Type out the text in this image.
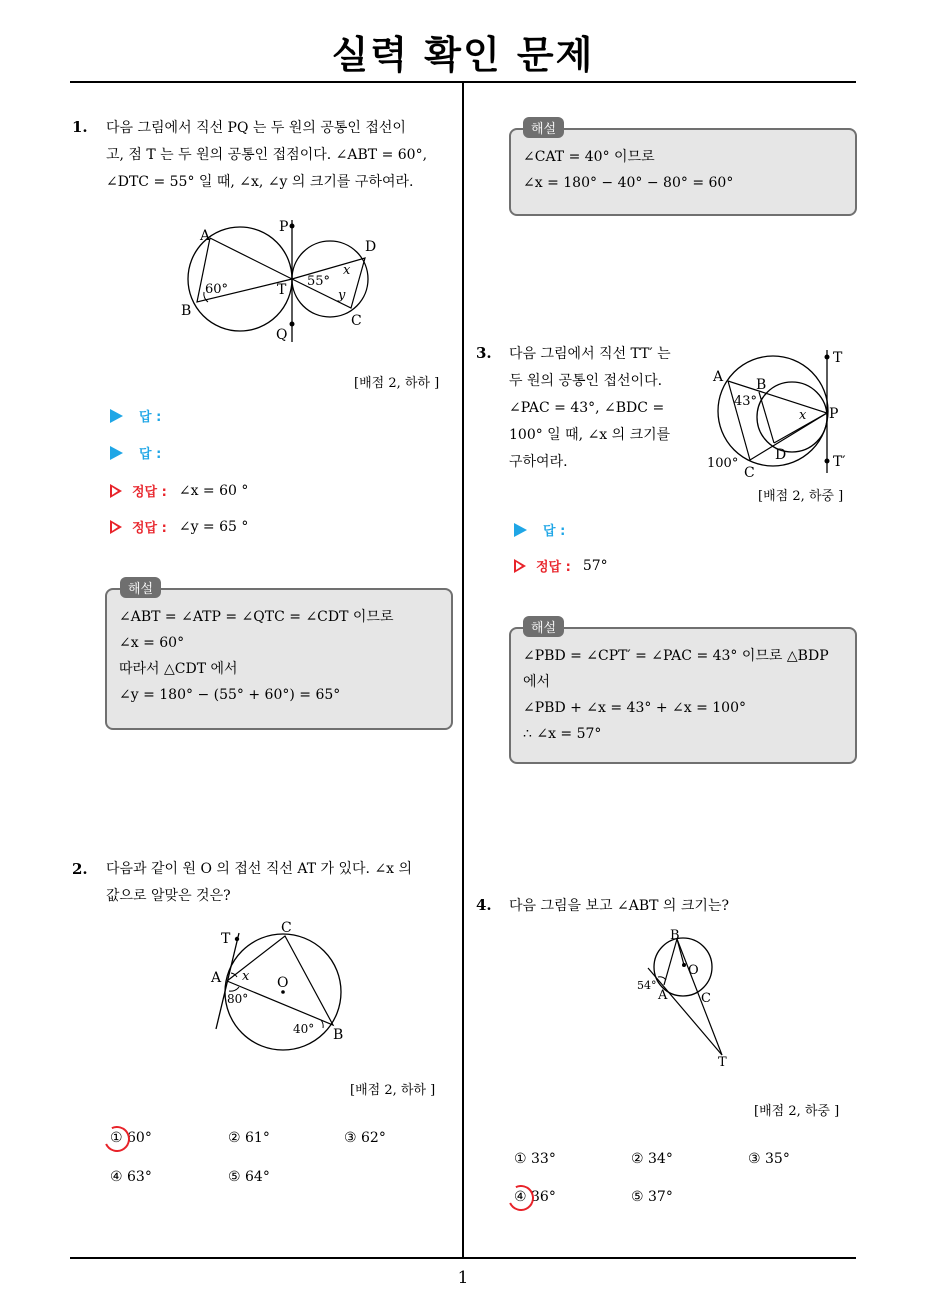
실력 확인 문제
1
1. 다음 그림에서 직선 PQ 는 두 원의 공통인 접선이
고, 점 T 는 두 원의 공통인 접점이다. ∠ABT = 60°,
∠DTC = 55° 일 때, ∠x, ∠y 의 크기를 구하여라.
A
B
T
P
Q
D
C
60°
55°
x
y
[배점 2, 하하 ]
답 :
답 :
정답 : ∠x = 60 °
정답 : ∠y = 65 °
∠ABT = ∠ATP = ∠QTC = ∠CDT 이므로
∠x = 60°
따라서 △CDT 에서
∠y = 180° − (55° + 60°) = 65°
해설
2. 다음과 같이 원 O 의 접선 직선 AT 가 있다. ∠x 의
값으로 알맞은 것은?
T
A
C
O
B
x
80°
40°
[배점 2, 하하 ]
① 60°	② 61°	③ 62°
④ 63°	⑤ 64°
∠CAT = 40° 이므로
∠x = 180° − 40° − 80° = 60°
해설
3. 다음 그림에서 직선 TT′ 는
두 원의 공통인 접선이다.
∠PAC = 43°, ∠BDC =
100° 일 때, ∠x 의 크기를
구하여라.
T
T′
A B
P
C
D
x
43°
100°
[배점 2, 하중 ]
답 :
정답 : 57°
∠PBD = ∠CPT′ = ∠PAC = 43° 이므로 △BDP
에서
∠PBD + ∠x = 43° + ∠x = 100°
∴ ∠x = 57°
해설
4. 다음 그림을 보고 ∠ABT 의 크기는?
B
O
A	C
T
54°
[배점 2, 하중 ]
① 33°	② 34°	③ 35°
④ 36°	⑤ 37°
